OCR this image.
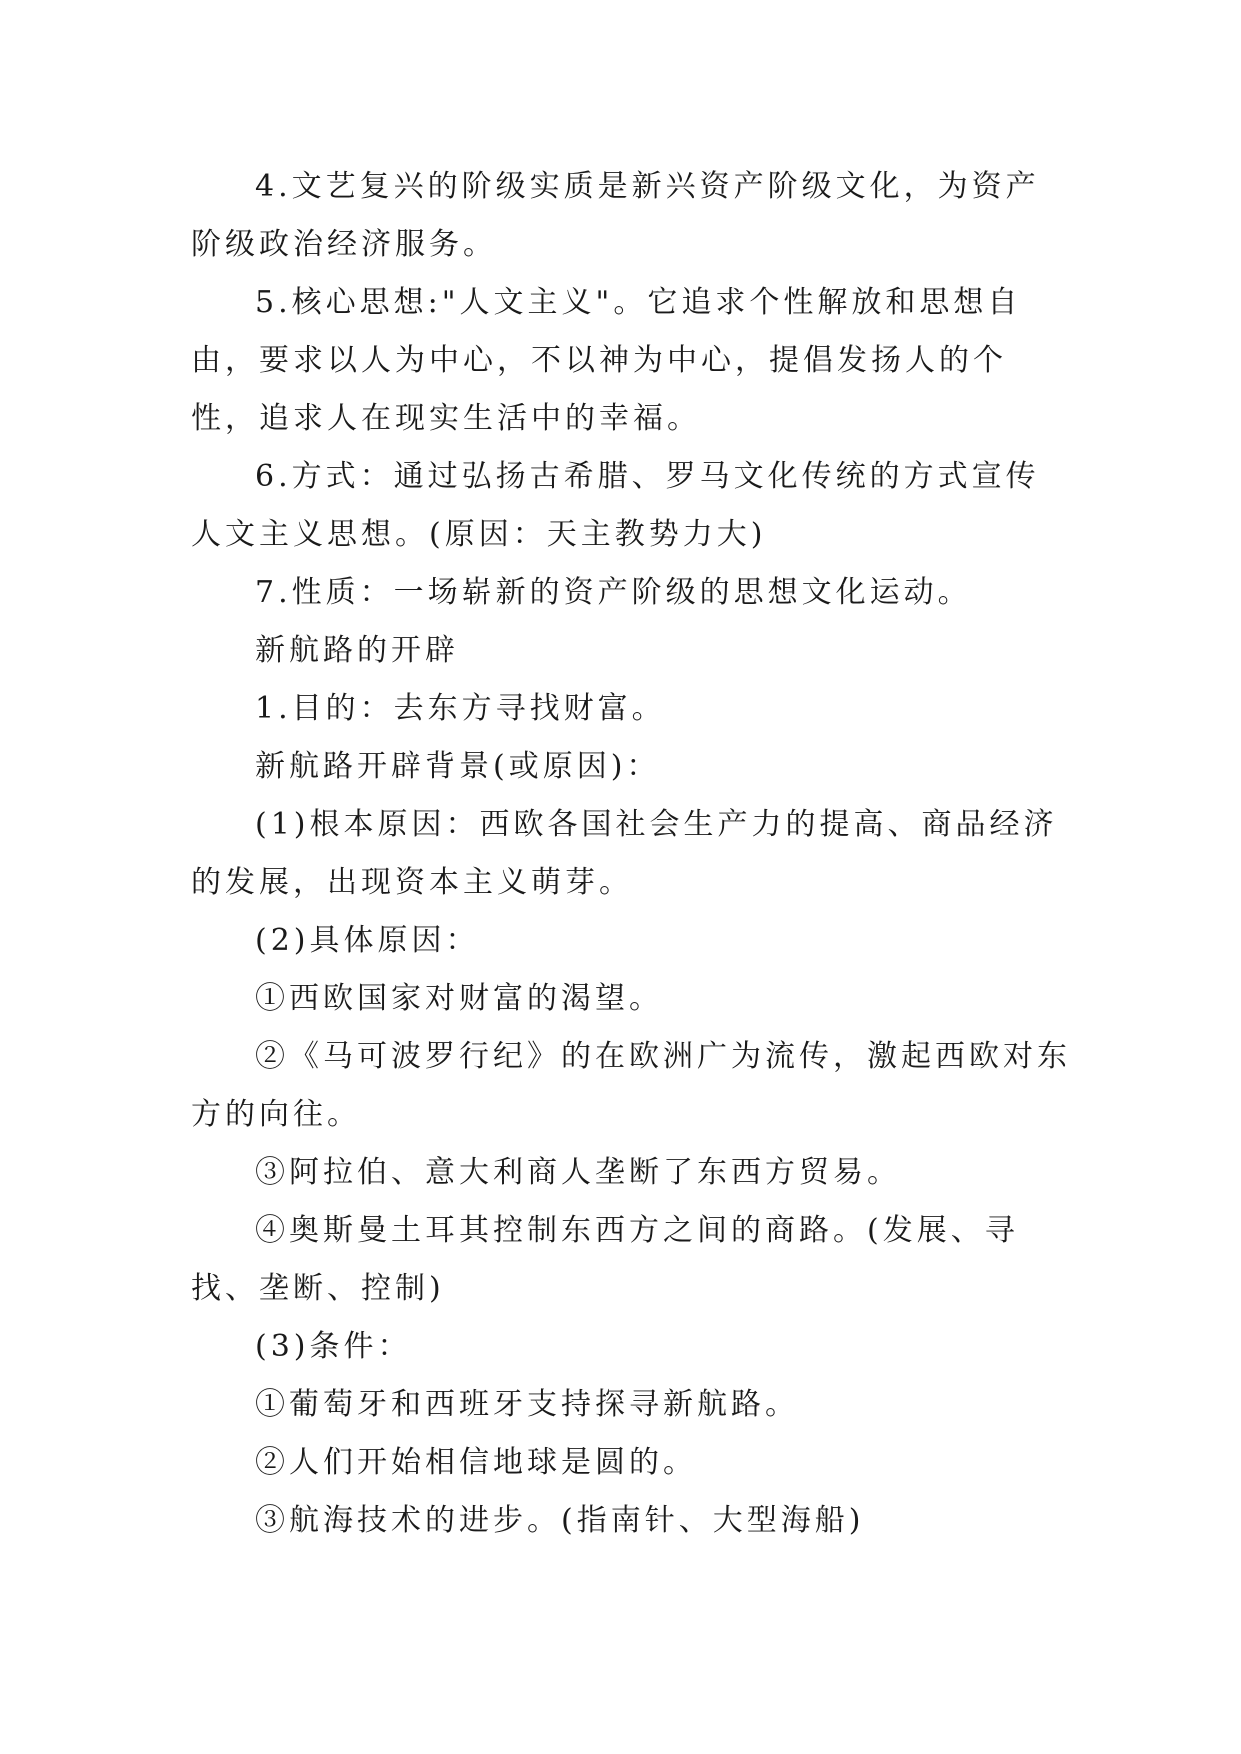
4.文艺复兴的阶级实质是新兴资产阶级文化，为资产阶级政治经济服务。

5.核心思想:"人文主义"。它追求个性解放和思想自由，要求以人为中心，不以神为中心，提倡发扬人的个性，追求人在现实生活中的幸福。

6.方式：通过弘扬古希腊、罗马文化传统的方式宣传人文主义思想。(原因：天主教势力大)

7.性质：一场崭新的资产阶级的思想文化运动。

新航路的开辟

1.目的：去东方寻找财富。

新航路开辟背景(或原因)：

(1)根本原因：西欧各国社会生产力的提高、商品经济的发展，出现资本主义萌芽。

(2)具体原因：

①西欧国家对财富的渴望。

②《马可波罗行纪》的在欧洲广为流传，激起西欧对东方的向往。

③阿拉伯、意大利商人垄断了东西方贸易。

④奥斯曼土耳其控制东西方之间的商路。(发展、寻找、垄断、控制)

(3)条件：

①葡萄牙和西班牙支持探寻新航路。

②人们开始相信地球是圆的。

③航海技术的进步。(指南针、大型海船)
